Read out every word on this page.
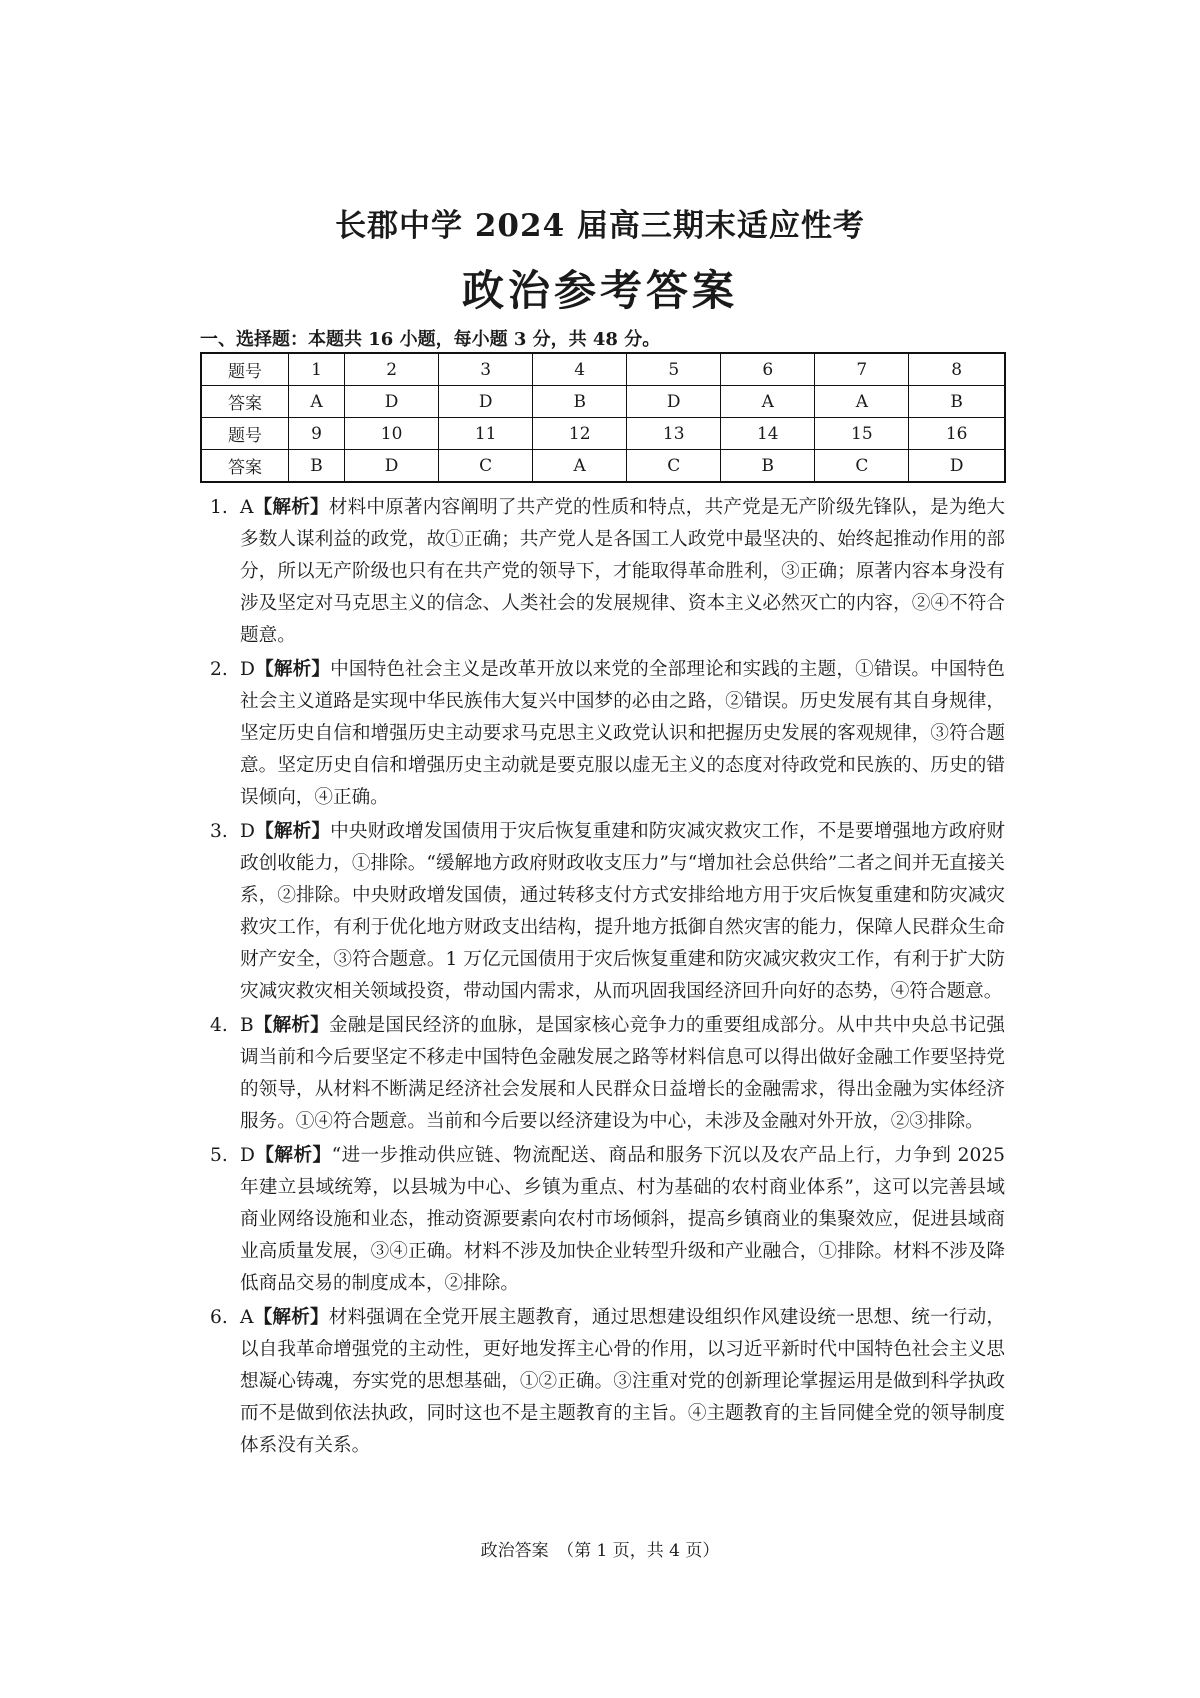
长郡中学 2024 届高三期末适应性考
政治参考答案
一、选择题：本题共 16 小题，每小题 3 分，共 48 分。
题号	1	2	3	4	5	6	7	8
答案	A	D	D	B	D	A	A	B
题号	9	10	11	12	13	14	15	16
答案	B	D	C	A	C	B	C	D
1. A【解析】材料中原著内容阐明了共产党的性质和特点，共产党是无产阶级先锋队，是为绝大多数人谋利益的政党，故①正确；共产党人是各国工人政党中最坚决的、始终起推动作用的部分，所以无产阶级也只有在共产党的领导下，才能取得革命胜利，③正确；原著内容本身没有涉及坚定对马克思主义的信念、人类社会的发展规律、资本主义必然灭亡的内容，②④不符合题意。
2. D【解析】中国特色社会主义是改革开放以来党的全部理论和实践的主题，①错误。中国特色社会主义道路是实现中华民族伟大复兴中国梦的必由之路，②错误。历史发展有其自身规律，坚定历史自信和增强历史主动要求马克思主义政党认识和把握历史发展的客观规律，③符合题意。坚定历史自信和增强历史主动就是要克服以虚无主义的态度对待政党和民族的、历史的错误倾向，④正确。
3. D【解析】中央财政增发国债用于灾后恢复重建和防灾减灾救灾工作，不是要增强地方政府财政创收能力，①排除。“缓解地方政府财政收支压力”与“增加社会总供给”二者之间并无直接关系，②排除。中央财政增发国债，通过转移支付方式安排给地方用于灾后恢复重建和防灾减灾救灾工作，有利于优化地方财政支出结构，提升地方抵御自然灾害的能力，保障人民群众生命财产安全，③符合题意。1 万亿元国债用于灾后恢复重建和防灾减灾救灾工作，有利于扩大防灾减灾救灾相关领域投资，带动国内需求，从而巩固我国经济回升向好的态势，④符合题意。
4. B【解析】金融是国民经济的血脉，是国家核心竞争力的重要组成部分。从中共中央总书记强调当前和今后要坚定不移走中国特色金融发展之路等材料信息可以得出做好金融工作要坚持党的领导，从材料不断满足经济社会发展和人民群众日益增长的金融需求，得出金融为实体经济服务。①④符合题意。当前和今后要以经济建设为中心，未涉及金融对外开放，②③排除。
5. D【解析】“进一步推动供应链、物流配送、商品和服务下沉以及农产品上行，力争到 2025 年建立县域统筹，以县城为中心、乡镇为重点、村为基础的农村商业体系”，这可以完善县域商业网络设施和业态，推动资源要素向农村市场倾斜，提高乡镇商业的集聚效应，促进县域商业高质量发展，③④正确。材料不涉及加快企业转型升级和产业融合，①排除。材料不涉及降低商品交易的制度成本，②排除。
6. A【解析】材料强调在全党开展主题教育，通过思想建设组织作风建设统一思想、统一行动，以自我革命增强党的主动性，更好地发挥主心骨的作用，以习近平新时代中国特色社会主义思想凝心铸魂，夯实党的思想基础，①②正确。③注重对党的创新理论掌握运用是做到科学执政而不是做到依法执政，同时这也不是主题教育的主旨。④主题教育的主旨同健全党的领导制度体系没有关系。
政治答案　（第 1 页，共 4 页）
